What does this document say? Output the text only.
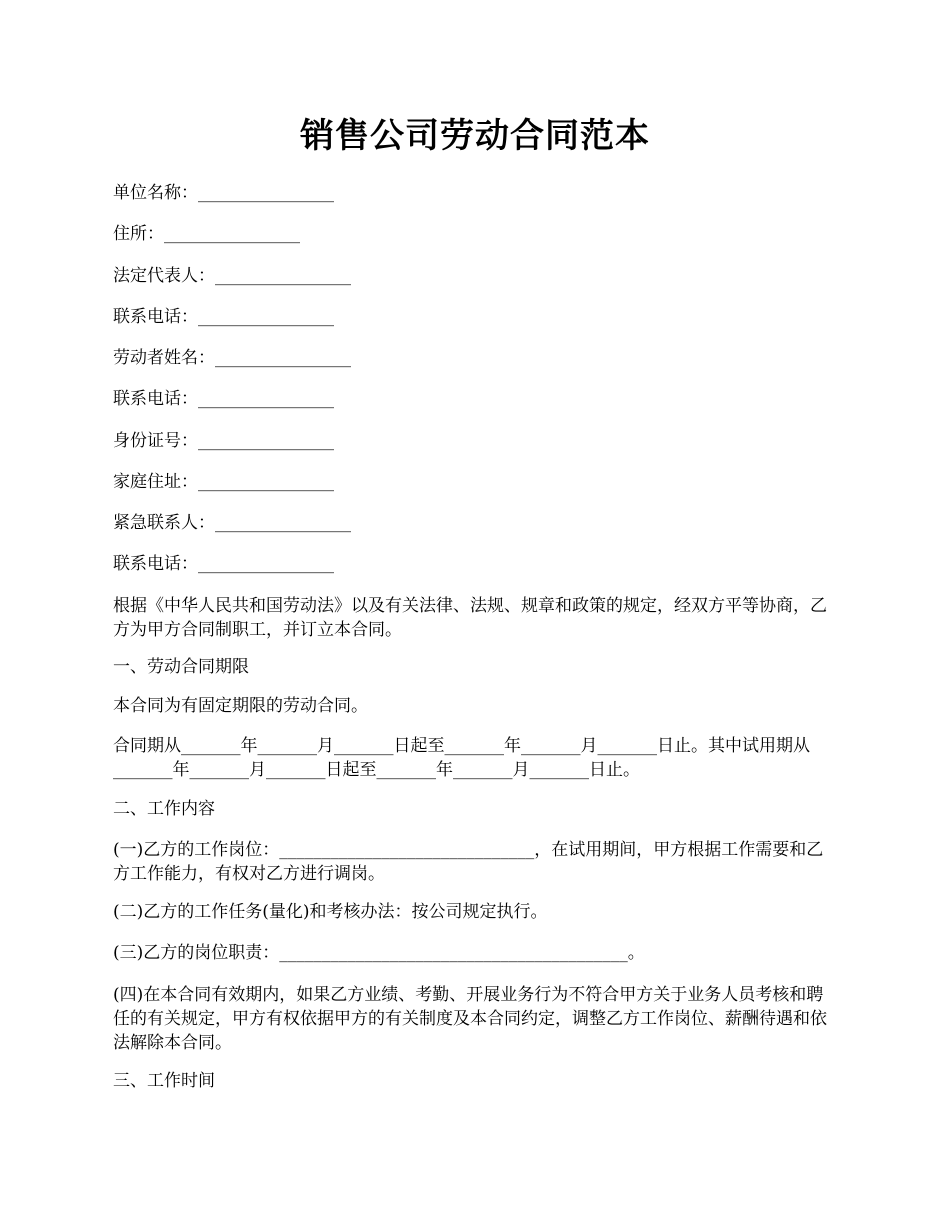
销售公司劳动合同范本
单位名称：________________
住所：________________
法定代表人：________________
联系电话：________________
劳动者姓名：________________
联系电话：________________
身份证号：________________
家庭住址：________________
紧急联系人：________________
联系电话：________________
根据《中华人民共和国劳动法》以及有关法律、法规、规章和政策的规定，经双方平等协商，乙方为甲方合同制职工，并订立本合同。
一、劳动合同期限
本合同为有固定期限的劳动合同。
合同期从_______年_______月_______日起至_______年_______月_______日止。其中试用期从_______年_______月_______日起至_______年_______月_______日止。
二、工作内容
(一)乙方的工作岗位：______________________________，在试用期间，甲方根据工作需要和乙方工作能力，有权对乙方进行调岗。
(二)乙方的工作任务(量化)和考核办法：按公司规定执行。
(三)乙方的岗位职责：_________________________________________。
(四)在本合同有效期内，如果乙方业绩、考勤、开展业务行为不符合甲方关于业务人员考核和聘任的有关规定，甲方有权依据甲方的有关制度及本合同约定，调整乙方工作岗位、薪酬待遇和依法解除本合同。
三、工作时间
